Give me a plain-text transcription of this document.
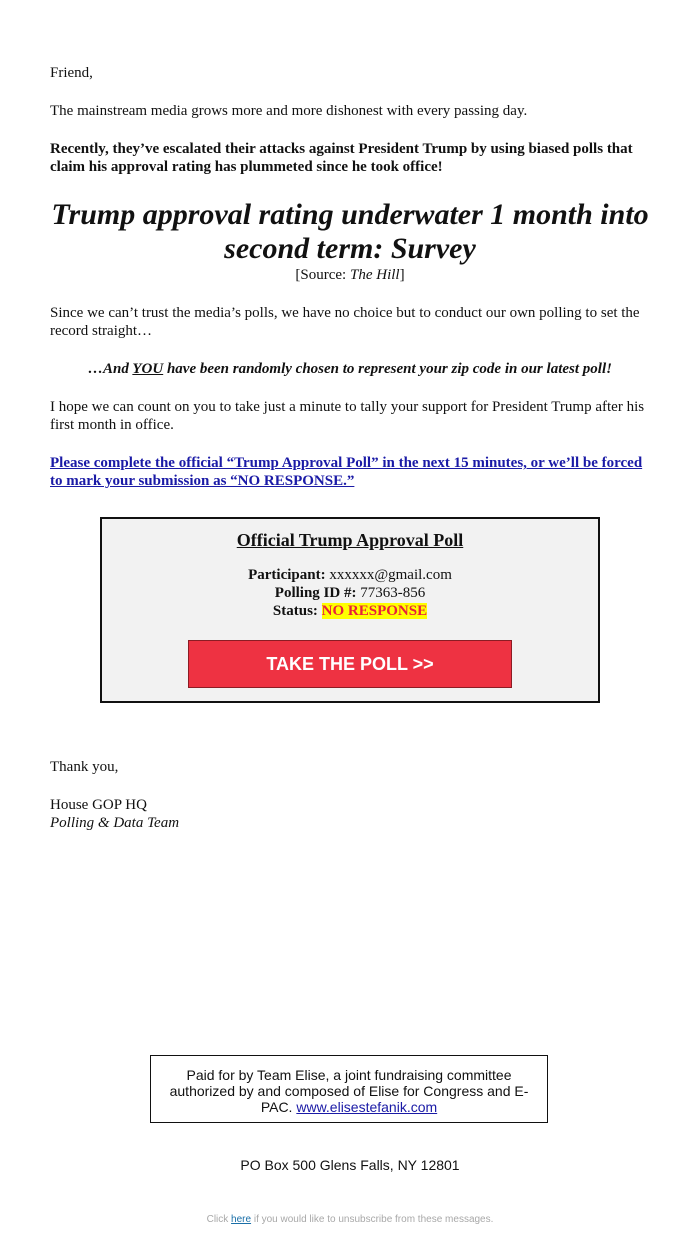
Friend,

The mainstream media grows more and more dishonest with every passing day.

Recently, they’ve escalated their attacks against President Trump by using biased polls that claim his approval rating has plummeted since he took office!

Trump approval rating underwater 1 month into second term: Survey

[Source: The Hill]

Since we can’t trust the media’s polls, we have no choice but to conduct our own polling to set the record straight…

…And YOU have been randomly chosen to represent your zip code in our latest poll!

I hope we can count on you to take just a minute to tally your support for President Trump after his first month in office.

Please complete the official “Trump Approval Poll” in the next 15 minutes, or we’ll be forced to mark your submission as “NO RESPONSE.”

Official Trump Approval Poll
Participant: xxxxxx@gmail.com
Polling ID #: 77363-856
Status: NO RESPONSE
TAKE THE POLL >>

Thank you,

House GOP HQ

Polling & Data Team

Paid for by Team Elise, a joint fundraising committee authorized by and composed of Elise for Congress and E-PAC. www.elisestefanik.com
PO Box 500 Glens Falls, NY 12801
Click here if you would like to unsubscribe from these messages.
